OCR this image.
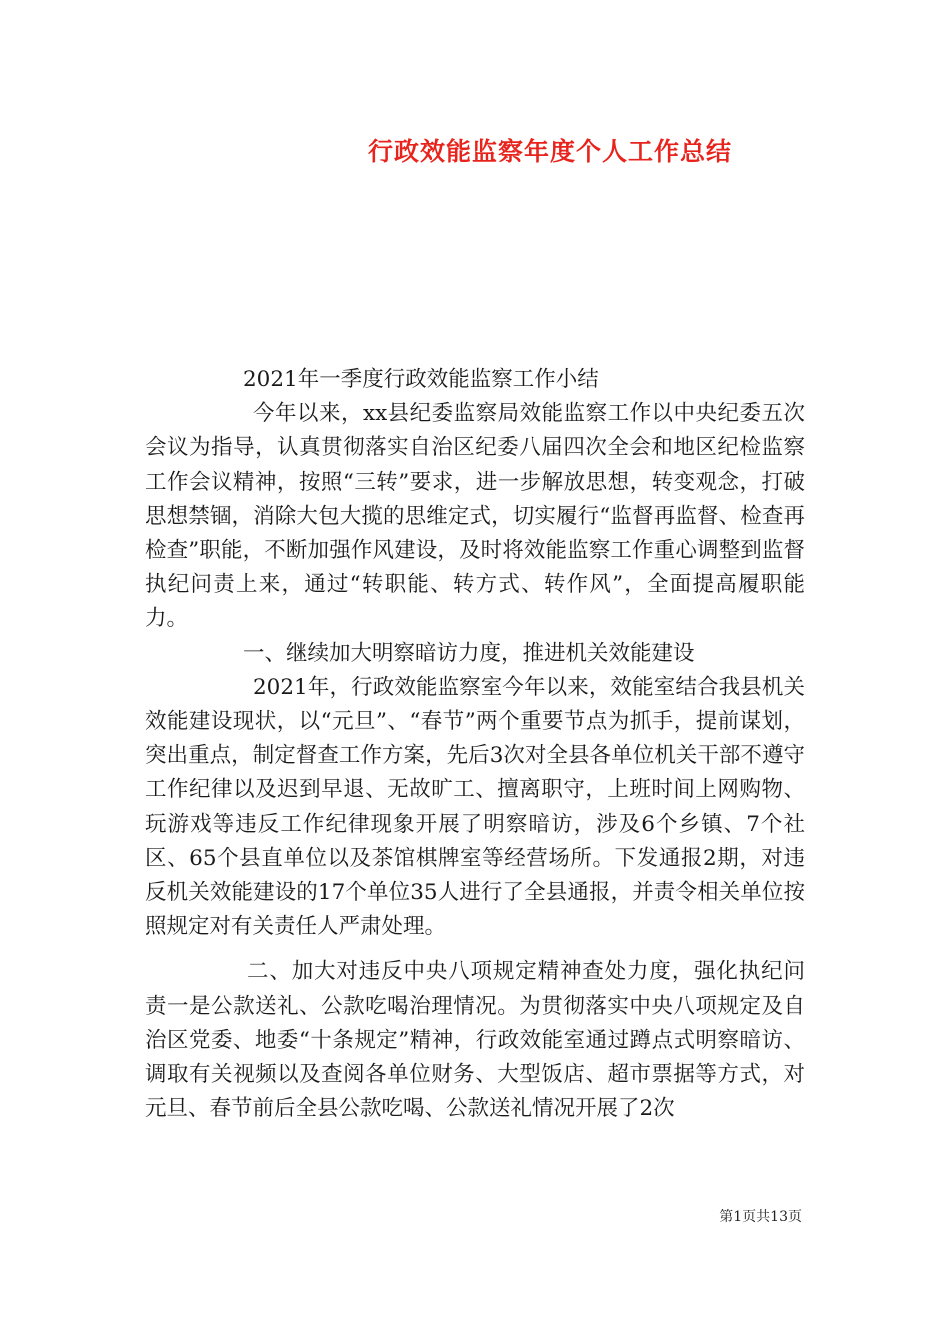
行政效能监察年度个人工作总结

2021年一季度行政效能监察工作小结

今年以来，xx县纪委监察局效能监察工作以中央纪委五次会议为指导，认真贯彻落实自治区纪委八届四次全会和地区纪检监察工作会议精神，按照“三转”要求，进一步解放思想，转变观念，打破思想禁锢，消除大包大揽的思维定式，切实履行“监督再监督、检查再检查”职能，不断加强作风建设，及时将效能监察工作重心调整到监督执纪问责上来，通过“转职能、转方式、转作风”，全面提高履职能力。

一、继续加大明察暗访力度，推进机关效能建设

2021年，行政效能监察室今年以来，效能室结合我县机关效能建设现状，以“元旦”、“春节”两个重要节点为抓手，提前谋划，突出重点，制定督查工作方案，先后3次对全县各单位机关干部不遵守工作纪律以及迟到早退、无故旷工、擅离职守，上班时间上网购物、玩游戏等违反工作纪律现象开展了明察暗访，涉及6个乡镇、7个社区、65个县直单位以及茶馆棋牌室等经营场所。下发通报2期，对违反机关效能建设的17个单位35人进行了全县通报，并责令相关单位按照规定对有关责任人严肃处理。

二、加大对违反中央八项规定精神查处力度，强化执纪问责一是公款送礼、公款吃喝治理情况。为贯彻落实中央八项规定及自治区党委、地委“十条规定”精神，行政效能室通过蹲点式明察暗访、调取有关视频以及查阅各单位财务、大型饭店、超市票据等方式，对元旦、春节前后全县公款吃喝、公款送礼情况开展了2次

第1页共13页
